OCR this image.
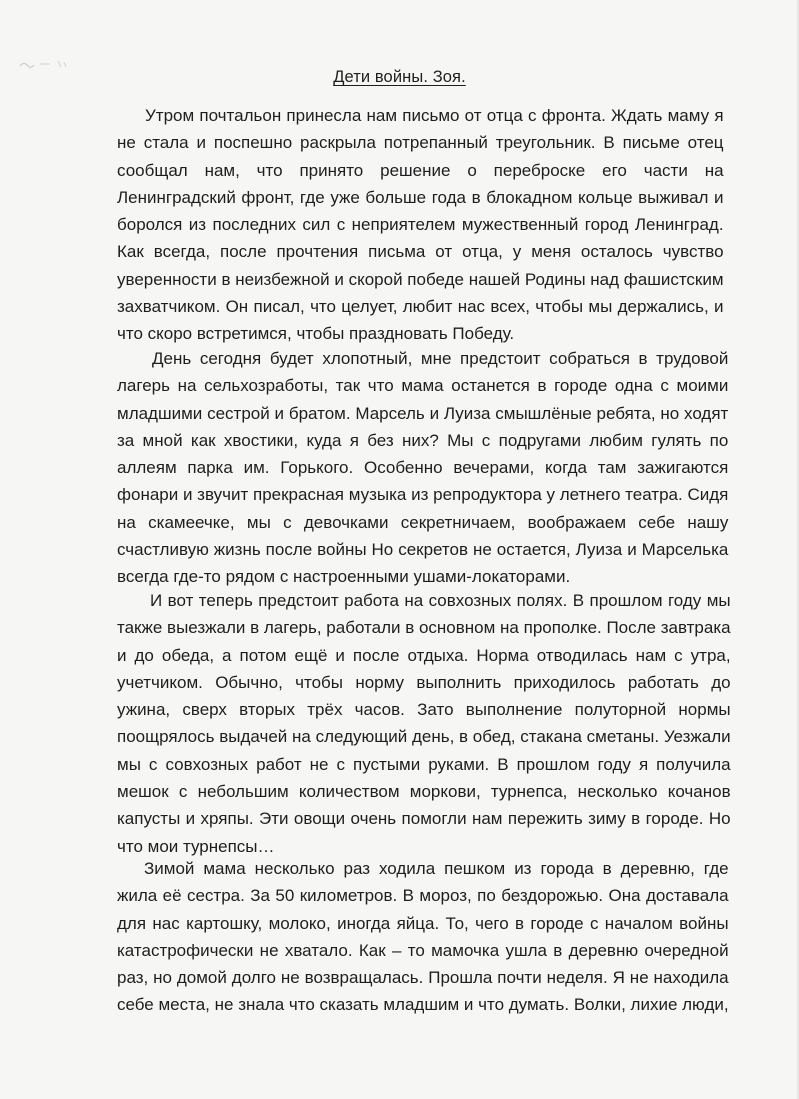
Дети войны. Зоя.

Утром почтальон принесла нам письмо от отца с фронта. Ждать маму я
не стала и поспешно раскрыла потрепанный треугольник. В письме отец
сообщал нам, что принято решение о переброске его части на
Ленинградский фронт, где уже больше года в блокадном кольце выживал и
боролся из последних сил с неприятелем мужественный город Ленинград.
Как всегда, после прочтения письма от отца, у меня осталось чувство
уверенности в неизбежной и скорой победе нашей Родины над фашистским
захватчиком. Он писал, что целует, любит нас всех, чтобы мы держались, и
что скоро встретимся, чтобы праздновать Победу.

День сегодня будет хлопотный, мне предстоит собраться в трудовой
лагерь на сельхозработы, так что мама останется в городе одна с моими
младшими сестрой и братом. Марсель и Луиза смышлёные ребята, но ходят
за мной как хвостики, куда я без них? Мы с подругами любим гулять по
аллеям парка им. Горького. Особенно вечерами, когда там зажигаются
фонари и звучит прекрасная музыка из репродуктора у летнего театра. Сидя
на скамеечке, мы с девочками секретничаем, воображаем себе нашу
счастливую жизнь после войны Но секретов не остается, Луиза и Марселька
всегда где-то рядом с настроенными ушами-локаторами.

И вот теперь предстоит работа на совхозных полях. В прошлом году мы
также выезжали в лагерь, работали в основном на прополке. После завтрака
и до обеда, а потом ещё и после отдыха. Норма отводилась нам с утра,
учетчиком. Обычно, чтобы норму выполнить приходилось работать до
ужина, сверх вторых трёх часов. Зато выполнение полуторной нормы
поощрялось выдачей на следующий день, в обед, стакана сметаны. Уезжали
мы с совхозных работ не с пустыми руками. В прошлом году я получила
мешок с небольшим количеством моркови, турнепса, несколько кочанов
капусты и хряпы. Эти овощи очень помогли нам пережить зиму в городе. Но
что мои турнепсы…

Зимой мама несколько раз ходила пешком из города в деревню, где
жила её сестра. За 50 километров. В мороз, по бездорожью. Она доставала
для нас картошку, молоко, иногда яйца. То, чего в городе с началом войны
катастрофически не хватало. Как – то мамочка ушла в деревню очередной
раз, но домой долго не возвращалась. Прошла почти неделя. Я не находила
себе места, не знала что сказать младшим и что думать. Волки, лихие люди,
